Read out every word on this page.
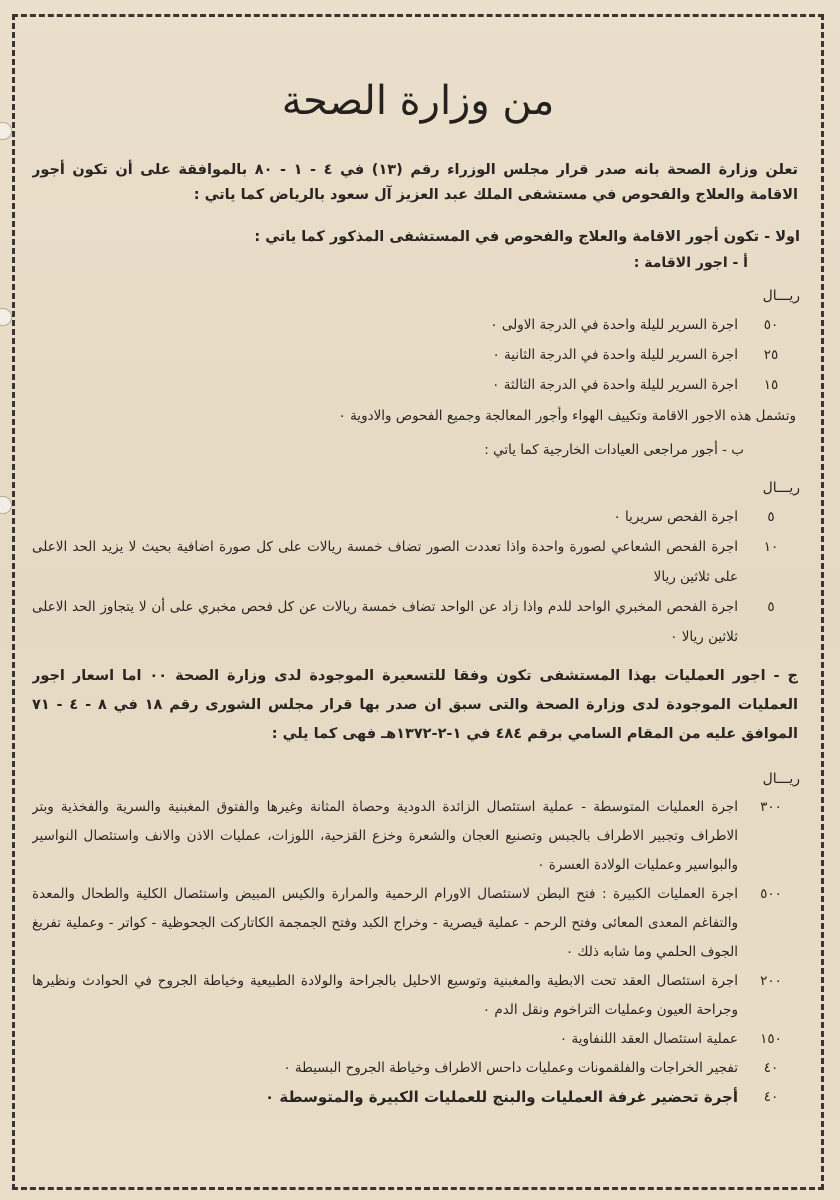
من وزارة الصحة
تعلن وزارة الصحة بانه صدر قرار مجلس الوزراء رقم (١٣) في ٤ - ١ - ٨٠ بالموافقة على أن تكون أجور الاقامة والعلاج والفحوص في مستشفى الملك عبد العزيز آل سعود بالرياض كما ياتي :
اولا - تكون أجور الاقامة والعلاج والفحوص في المستشفى المذكور كما ياتي :
أ - اجور الاقامة :
ريـــال
٥٠
اجرة السرير لليلة واحدة في الدرجة الاولى ٠
٢٥
اجرة السرير لليلة واحدة في الدرجة الثانية ٠
١٥
اجرة السرير لليلة واحدة في الدرجة الثالثة ٠
وتشمل هذه الاجور الاقامة وتكييف الهواء وأجور المعالجة وجميع الفحوص والادوية ٠
ب - أجور مراجعى العيادات الخارجية كما ياتي :
ريـــال
٥
اجرة الفحص سريريا ٠
١٠
اجرة الفحص الشعاعي لصورة واحدة واذا تعددت الصور تضاف خمسة ريالات على كل صورة اضافية بحيث لا يزيد الحد الاعلى على ثلاثين ريالا
٥
اجرة الفحص المخبري الواحد للدم واذا زاد عن الواحد تضاف خمسة ريالات عن كل فحص مخبري على أن لا يتجاوز الحد الاعلى ثلاثين ريالا ٠
ج - اجور العمليات بهذا المستشفى تكون وفقا للتسعيرة الموجودة لدى وزارة الصحة ٠٠ اما اسعار اجور العمليات الموجودة لدى وزارة الصحة والتى سبق ان صدر بها قرار مجلس الشورى رقم ١٨ في ٨ - ٤ - ٧١ الموافق عليه من المقام السامي برقم ٤٨٤ في ١-٢-١٣٧٢هـ فهى كما يلي :
ريـــال
٣٠٠
اجرة العمليات المتوسطة - عملية استئصال الزائدة الدودية وحصاة المثانة وغيرها والفتوق المغبنية والسرية والفخذية وبتر الاطراف وتجبير الاطراف بالجبس وتصنيع العجان والشعرة وخزع القزحية، اللوزات، عمليات الاذن والانف واستئصال النواسير والبواسير وعمليات الولادة العسرة ٠
٥٠٠
اجرة العمليات الكبيرة : فتح البطن لاستئصال الاورام الرحمية والمرارة والكيس المبيض واستئصال الكلية والطحال والمعدة والتفاغم المعدى المعائى وفتح الرحم - عملية قيصرية - وخراج الكبد وفتح الجمجمة الكاتاركت الجحوظية - كواتر - وعملية تفريغ الجوف الحلمي وما شابه ذلك ٠
٢٠٠
اجرة استئصال العقد تحت الابطية والمغبنية وتوسيع الاحليل بالجراحة والولادة الطبيعية وخياطة الجروح في الحوادث ونظيرها وجراحة العيون وعمليات التراخوم ونقل الدم ٠
١٥٠
عملية استئصال العقد اللنفاوية ٠
٤٠
تفجير الخراجات والفلقمونات وعمليات داحس الاطراف وخياطة الجروح البسيطة ٠
٤٠
أجرة تحضير غرفة العمليات والبنج للعمليات الكبيرة والمتوسطة ٠
